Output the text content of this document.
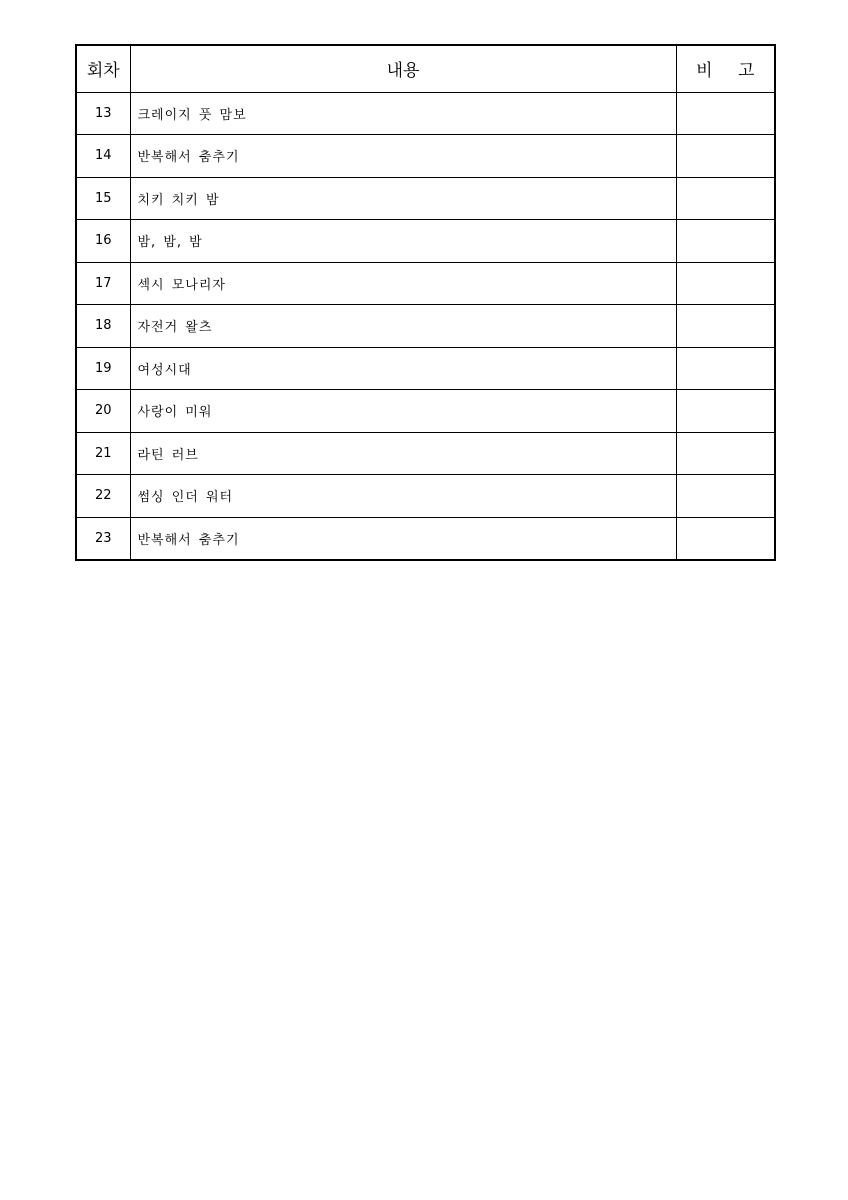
회차	내용	비 고
13	크레이지 풋 맘보	
14	반복해서 춤추기	
15	치키 치키 밤	
16	밤, 밤, 밤	
17	섹시 모나리자	
18	자전거 왈츠	
19	여성시대	
20	사랑이 미워	
21	라틴 러브	
22	썸싱 인더 워터	
23	반복해서 춤추기	
